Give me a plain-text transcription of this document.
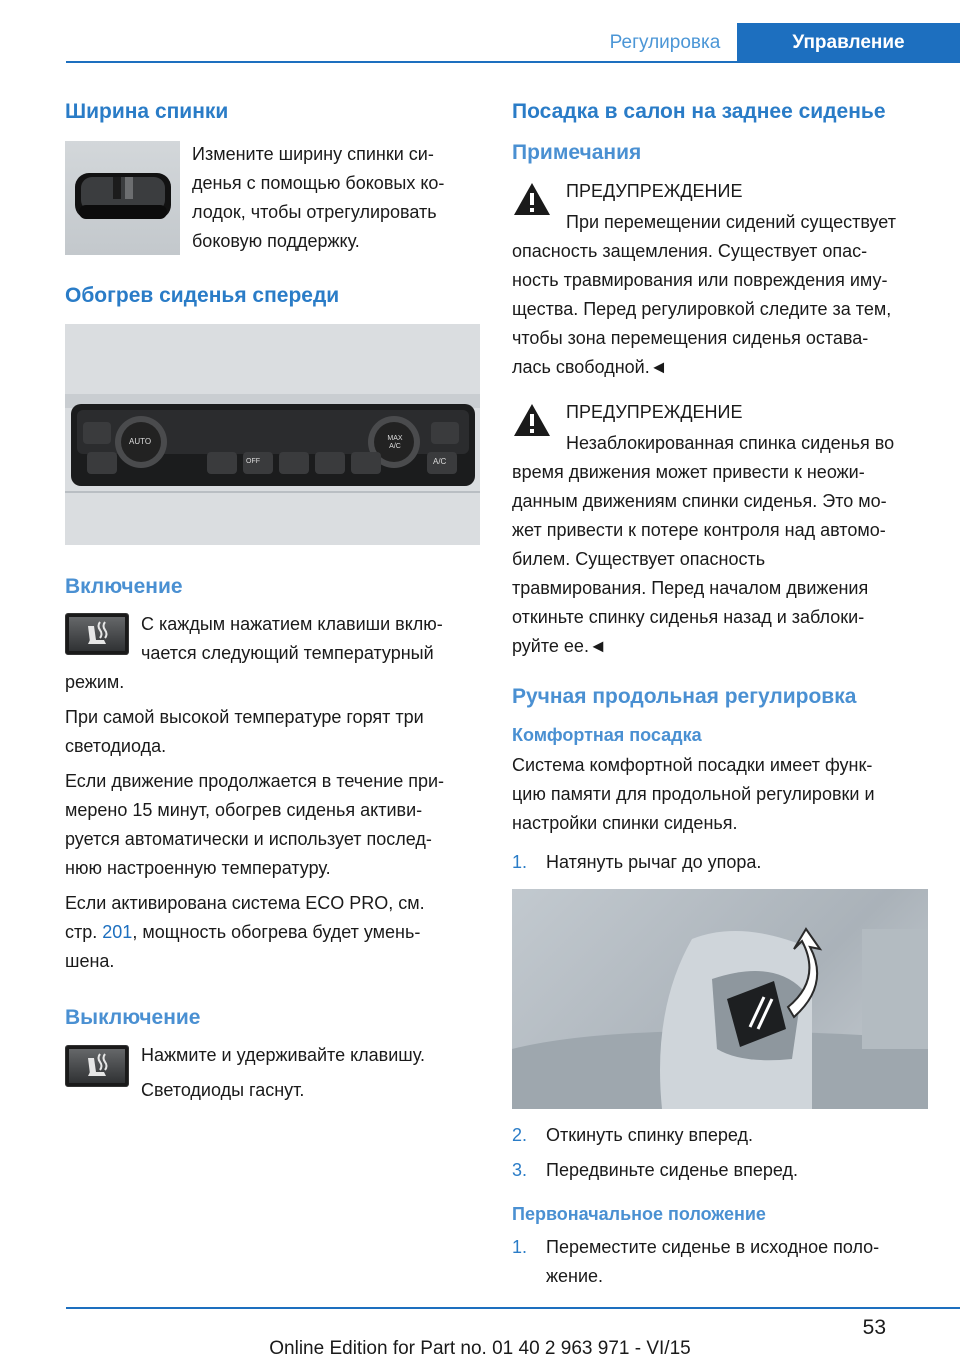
Регулировка	Управление
Ширина спинки

Измените ширину спинки си-
денья с помощью боковых ко-
лодок, чтобы отрегулировать
боковую поддержку.

Обогрев сиденья спереди
AUTO	MAX A/C
A/C
OFF
Включение

С каждым нажатием клавиши вклю-
чается следующий температурный
режим.

При самой высокой температуре горят три
светодиода.

Если движение продолжается в течение при-
мерено 15 минут, обогрев сиденья активи-
руется автоматически и использует послед-
нюю настроенную температуру.

Если активирована система ECO PRO, см.
стр. 201, мощность обогрева будет умень-
шена.

Выключение

Нажмите и удерживайте клавишу.

Светодиоды гаснут.

Посадка в салон на заднее сиденье
Примечания

ПРЕДУПРЕЖДЕНИЕ

При перемещении сидений существует
опасность защемления. Существует опас-
ность травмирования или повреждения иму-
щества. Перед регулировкой следите за тем,
чтобы зона перемещения сиденья остава-
лась свободной.◄

ПРЕДУПРЕЖДЕНИЕ

Незаблокированная спинка сиденья во
время движения может привести к неожи-
данным движениям спинки сиденья. Это мо-
жет привести к потере контроля над автомо-
билем. Существует опасность
травмирования. Перед началом движения
откиньте спинку сиденья назад и заблоки-
руйте ее.◄

Ручная продольная регулировка
Комфортная посадка

Система комфортной посадки имеет функ-
цию памяти для продольной регулировки и
настройки спинки сиденья.

1. Натянуть рычаг до упора.
2. Откинуть спинку вперед.
3. Передвиньте сиденье вперед.
Первоначальное положение
1. Переместите сиденье в исходное поло-
жение.
53
Online Edition for Part no. 01 40 2 963 971 - VI/15
